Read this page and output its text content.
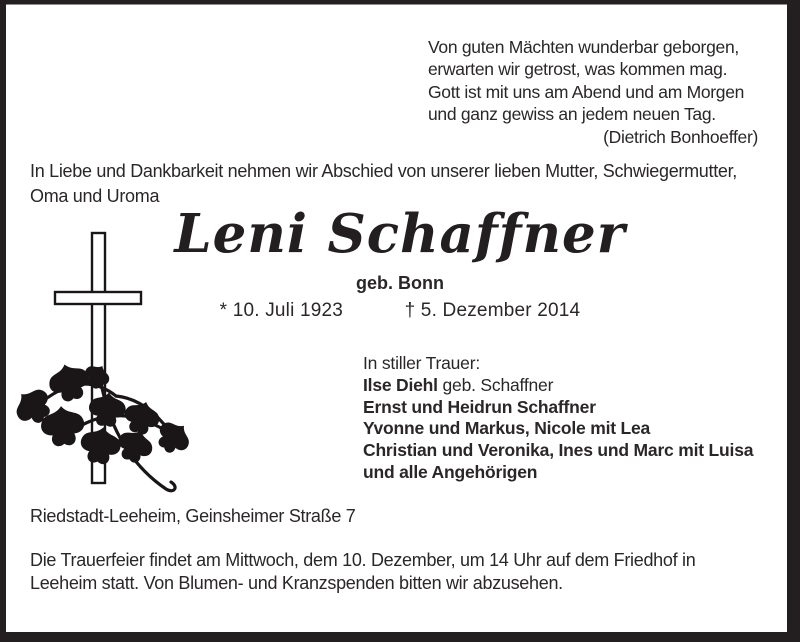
Von guten Mächten wunderbar geborgen,
erwarten wir getrost, was kommen mag.
Gott ist mit uns am Abend und am Morgen
und ganz gewiss an jedem neuen Tag.
(Dietrich Bonhoeffer)
In Liebe und Dankbarkeit nehmen wir Abschied von unserer lieben Mutter, Schwiegermutter,
Oma und Uroma
Leni Schaffner
geb. Bonn
* 10. Juli 1923	† 5. Dezember 2014
In stiller Trauer:
Ilse Diehl geb. Schaffner
Ernst und Heidrun Schaffner
Yvonne und Markus, Nicole mit Lea
Christian und Veronika, Ines und Marc mit Luisa
und alle Angehörigen
Riedstadt-Leeheim, Geinsheimer Straße 7
Die Trauerfeier findet am Mittwoch, dem 10. Dezember, um 14 Uhr auf dem Friedhof in
Leeheim statt. Von Blumen- und Kranzspenden bitten wir abzusehen.
